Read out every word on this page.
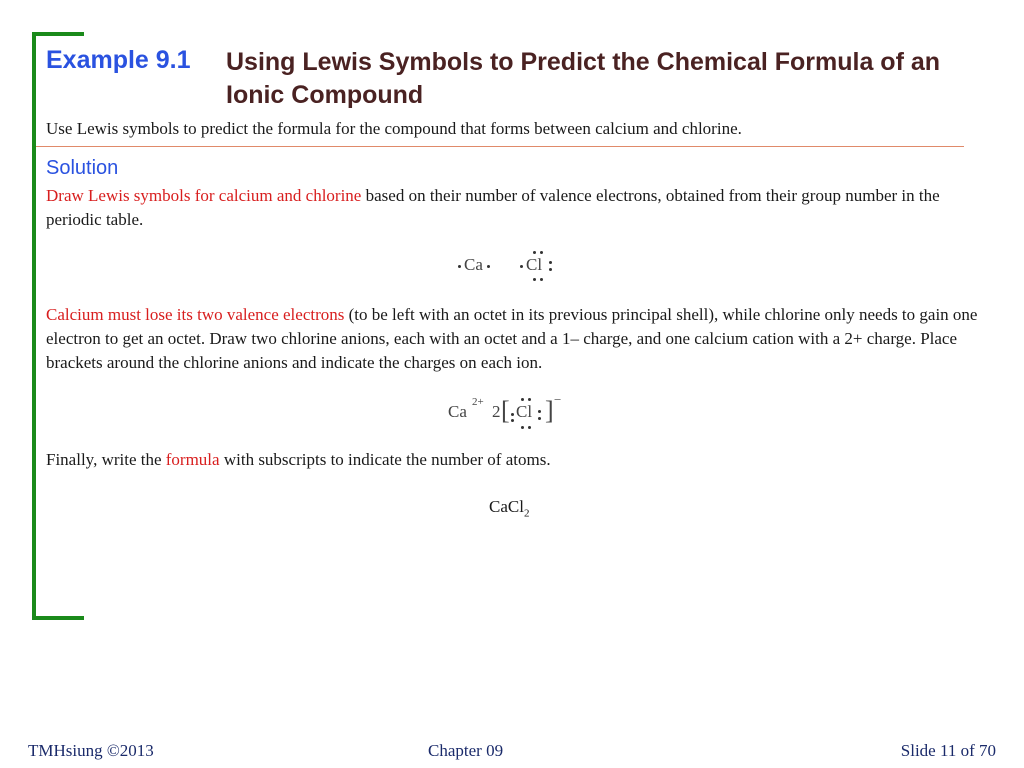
Example 9.1 Using Lewis Symbols to Predict the Chemical Formula of an Ionic Compound
Use Lewis symbols to predict the formula for the compound that forms between calcium and chlorine.
Solution
Draw Lewis symbols for calcium and chlorine based on their number of valence electrons, obtained from their group number in the periodic table.
Ca	Cl
Calcium must lose its two valence electrons (to be left with an octet in its previous principal shell), while chlorine only needs to gain one electron to get an octet. Draw two chlorine anions, each with an octet and a 1– charge, and one calcium cation with a 2+ charge. Place brackets around the chlorine anions and indicate the charges on each ion.
Ca 2+ 2 [ Cl ] −
Finally, write the formula with subscripts to indicate the number of atoms.
CaCl$_2$
TMHsiung ©2013	Chapter 09	Slide 11 of 70
